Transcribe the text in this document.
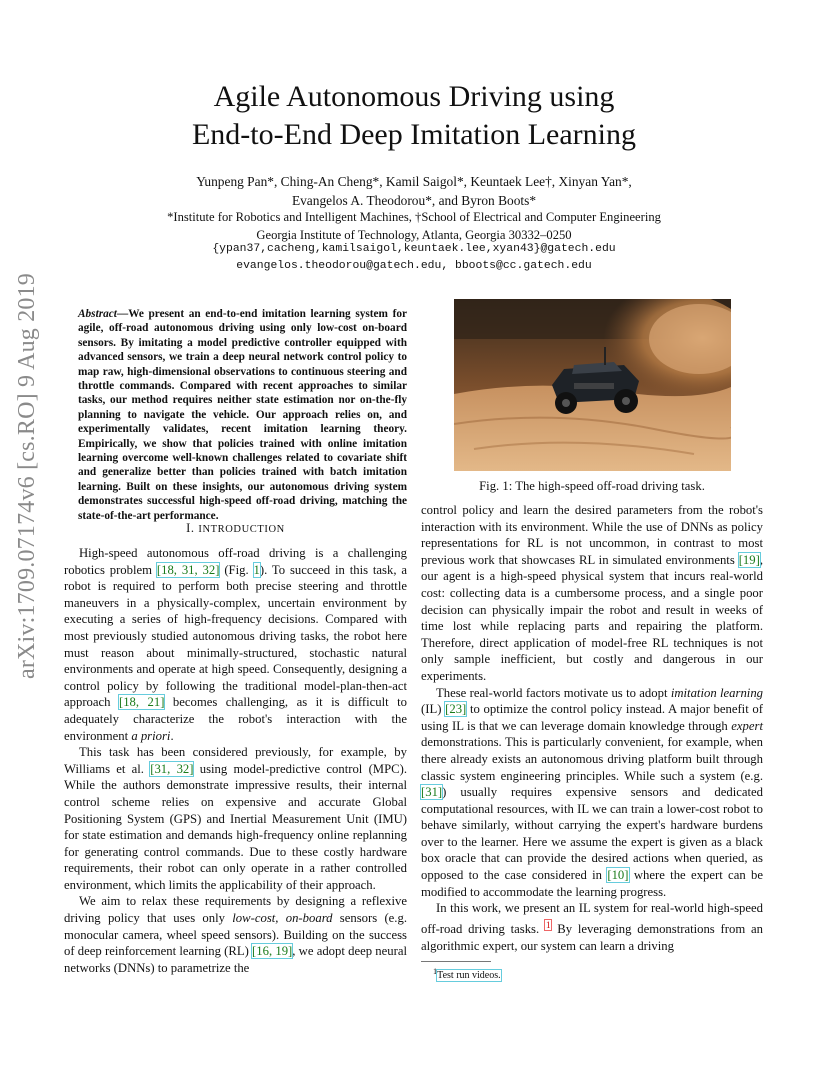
arXiv:1709.07174v6 [cs.RO] 9 Aug 2019
Agile Autonomous Driving using
End-to-End Deep Imitation Learning
Yunpeng Pan*, Ching-An Cheng*, Kamil Saigol*, Keuntaek Lee†, Xinyan Yan*,
Evangelos A. Theodorou*, and Byron Boots*
*Institute for Robotics and Intelligent Machines, †School of Electrical and Computer Engineering
Georgia Institute of Technology, Atlanta, Georgia 30332–0250
{ypan37,cacheng,kamilsaigol,keuntaek.lee,xyan43}@gatech.edu
evangelos.theodorou@gatech.edu, bboots@cc.gatech.edu
Abstract—We present an end-to-end imitation learning system for agile, off-road autonomous driving using only low-cost on-board sensors. By imitating a model predictive controller equipped with advanced sensors, we train a deep neural network control policy to map raw, high-dimensional observations to continuous steering and throttle commands. Compared with recent approaches to similar tasks, our method requires neither state estimation nor on-the-fly planning to navigate the vehicle. Our approach relies on, and experimentally validates, recent imitation learning theory. Empirically, we show that policies trained with online imitation learning overcome well-known challenges related to covariate shift and generalize better than policies trained with batch imitation learning. Built on these insights, our autonomous driving system demonstrates successful high-speed off-road driving, matching the state-of-the-art performance.
I. INTRODUCTION

High-speed autonomous off-road driving is a challenging robotics problem [18, 31, 32] (Fig. 1). To succeed in this task, a robot is required to perform both precise steering and throttle maneuvers in a physically-complex, uncertain environment by executing a series of high-frequency decisions. Compared with most previously studied autonomous driving tasks, the robot here must reason about minimally-structured, stochastic natural environments and operate at high speed. Consequently, designing a control policy by following the traditional model-plan-then-act approach [18, 21] becomes challenging, as it is difficult to adequately characterize the robot's interaction with the environment a priori.

This task has been considered previously, for example, by Williams et al. [31, 32] using model-predictive control (MPC). While the authors demonstrate impressive results, their internal control scheme relies on expensive and accurate Global Positioning System (GPS) and Inertial Measurement Unit (IMU) for state estimation and demands high-frequency online replanning for generating control commands. Due to these costly hardware requirements, their robot can only operate in a rather controlled environment, which limits the applicability of their approach.

We aim to relax these requirements by designing a reflexive driving policy that uses only low-cost, on-board sensors (e.g. monocular camera, wheel speed sensors). Building on the success of deep reinforcement learning (RL) [16, 19], we adopt deep neural networks (DNNs) to parametrize the

Fig. 1: The high-speed off-road driving task.

control policy and learn the desired parameters from the robot's interaction with its environment. While the use of DNNs as policy representations for RL is not uncommon, in contrast to most previous work that showcases RL in simulated environments [19], our agent is a high-speed physical system that incurs real-world cost: collecting data is a cumbersome process, and a single poor decision can physically impair the robot and result in weeks of time lost while replacing parts and repairing the platform. Therefore, direct application of model-free RL techniques is not only sample inefficient, but costly and dangerous in our experiments.

These real-world factors motivate us to adopt imitation learning (IL) [23] to optimize the control policy instead. A major benefit of using IL is that we can leverage domain knowledge through expert demonstrations. This is particularly convenient, for example, when there already exists an autonomous driving platform built through classic system engineering principles. While such a system (e.g. [31]) usually requires expensive sensors and dedicated computational resources, with IL we can train a lower-cost robot to behave similarly, without carrying the expert's hardware burdens over to the learner. Here we assume the expert is given as a black box oracle that can provide the desired actions when queried, as opposed to the case considered in [10] where the expert can be modified to accommodate the learning progress.

In this work, we present an IL system for real-world high-speed off-road driving tasks. $^1$ By leveraging demonstrations from an algorithmic expert, our system can learn a driving

$^1$Test run videos.
